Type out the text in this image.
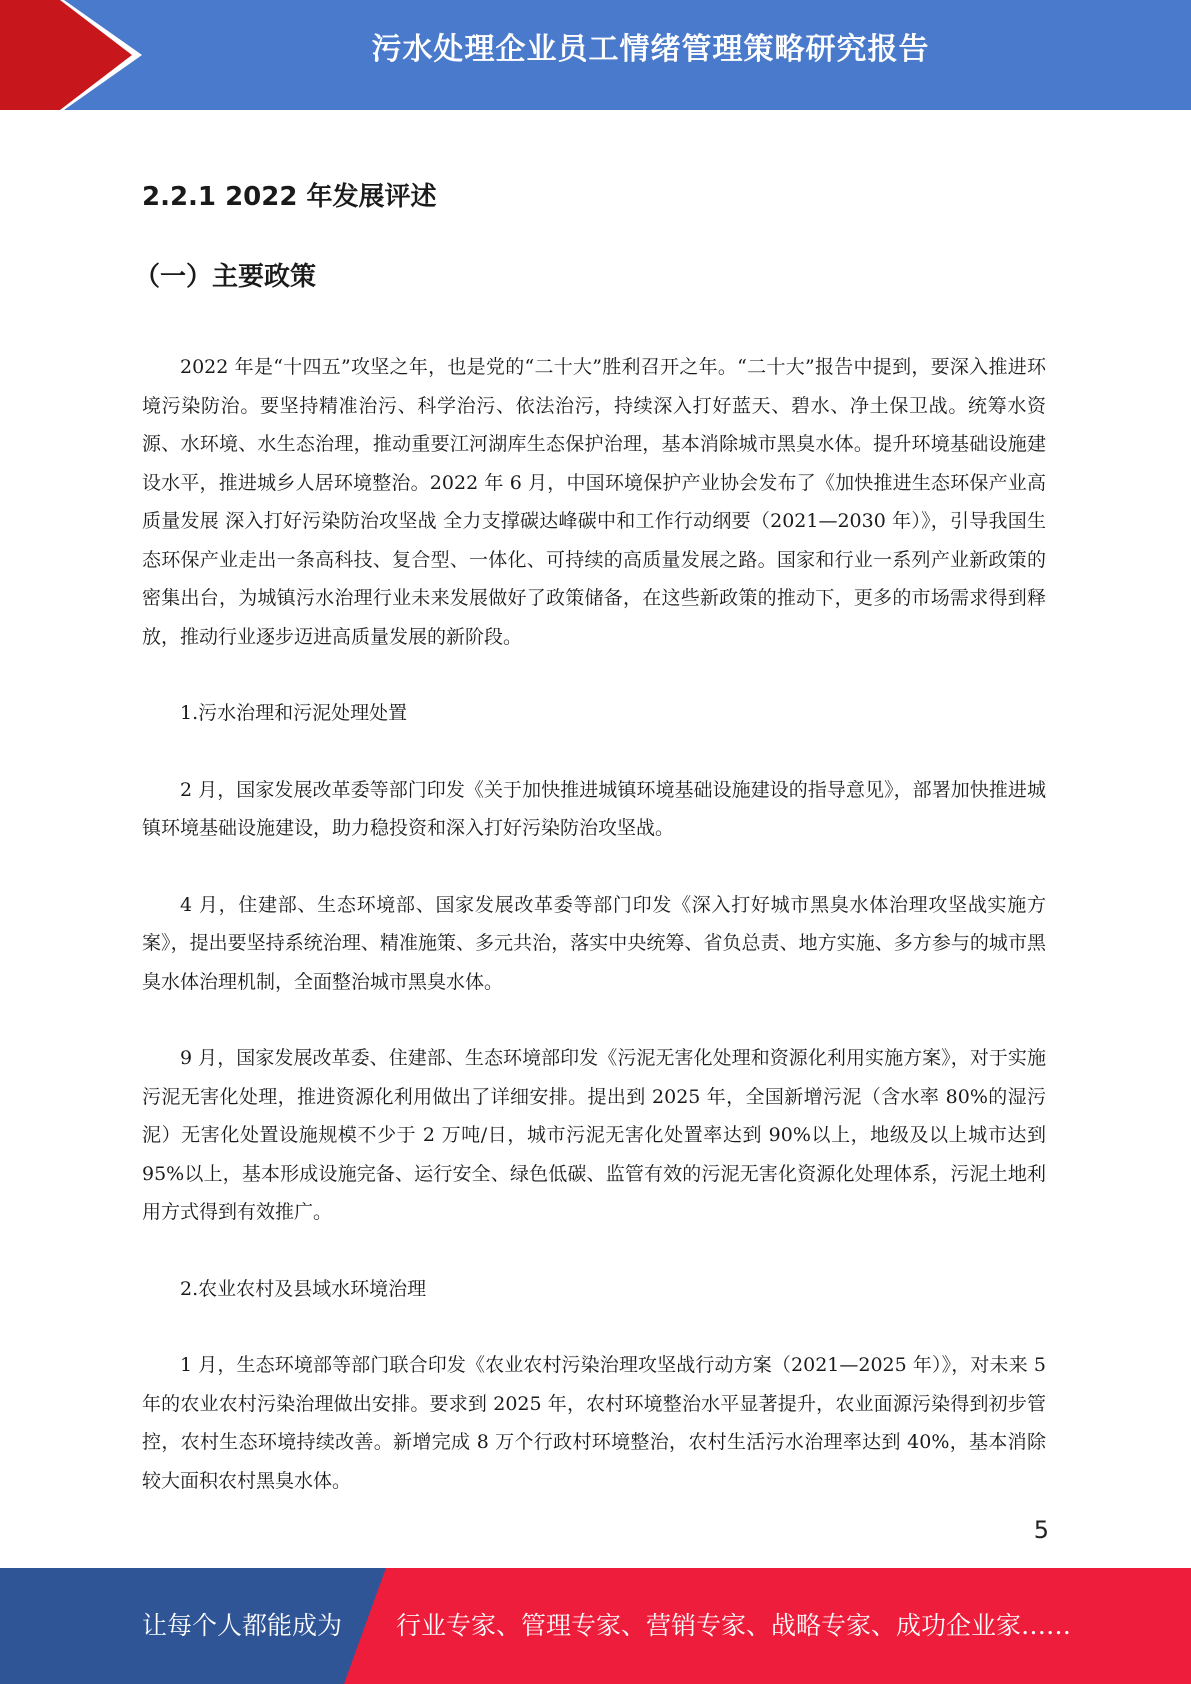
污水处理企业员工情绪管理策略研究报告
2.2.1 2022 年发展评述
（一）主要政策

2022 年是“十四五”攻坚之年，也是党的“二十大”胜利召开之年。“二十大”报告中提到，要深入推进环境污染防治。要坚持精准治污、科学治污、依法治污，持续深入打好蓝天、碧水、净土保卫战。统筹水资源、水环境、水生态治理，推动重要江河湖库生态保护治理，基本消除城市黑臭水体。提升环境基础设施建设水平，推进城乡人居环境整治。2022 年 6 月，中国环境保护产业协会发布了《加快推进生态环保产业高质量发展 深入打好污染防治攻坚战 全力支撑碳达峰碳中和工作行动纲要（2021—2030 年）》，引导我国生态环保产业走出一条高科技、复合型、一体化、可持续的高质量发展之路。国家和行业一系列产业新政策的密集出台，为城镇污水治理行业未来发展做好了政策储备，在这些新政策的推动下，更多的市场需求得到释放，推动行业逐步迈进高质量发展的新阶段。

1.污水治理和污泥处理处置

2 月，国家发展改革委等部门印发《关于加快推进城镇环境基础设施建设的指导意见》，部署加快推进城镇环境基础设施建设，助力稳投资和深入打好污染防治攻坚战。

4 月，住建部、生态环境部、国家发展改革委等部门印发《深入打好城市黑臭水体治理攻坚战实施方案》，提出要坚持系统治理、精准施策、多元共治，落实中央统筹、省负总责、地方实施、多方参与的城市黑臭水体治理机制，全面整治城市黑臭水体。

9 月，国家发展改革委、住建部、生态环境部印发《污泥无害化处理和资源化利用实施方案》，对于实施污泥无害化处理，推进资源化利用做出了详细安排。提出到 2025 年，全国新增污泥（含水率 80%的湿污泥）无害化处置设施规模不少于 2 万吨/日，城市污泥无害化处置率达到 90%以上，地级及以上城市达到 95%以上，基本形成设施完备、运行安全、绿色低碳、监管有效的污泥无害化资源化处理体系，污泥土地利用方式得到有效推广。

2.农业农村及县域水环境治理

1 月，生态环境部等部门联合印发《农业农村污染治理攻坚战行动方案（2021—2025 年）》，对未来 5 年的农业农村污染治理做出安排。要求到 2025 年，农村环境整治水平显著提升，农业面源污染得到初步管控，农村生态环境持续改善。新增完成 8 万个行政村环境整治，农村生活污水治理率达到 40%，基本消除较大面积农村黑臭水体。

5
让每个人都能成为 行业专家、管理专家、营销专家、战略专家、成功企业家……
